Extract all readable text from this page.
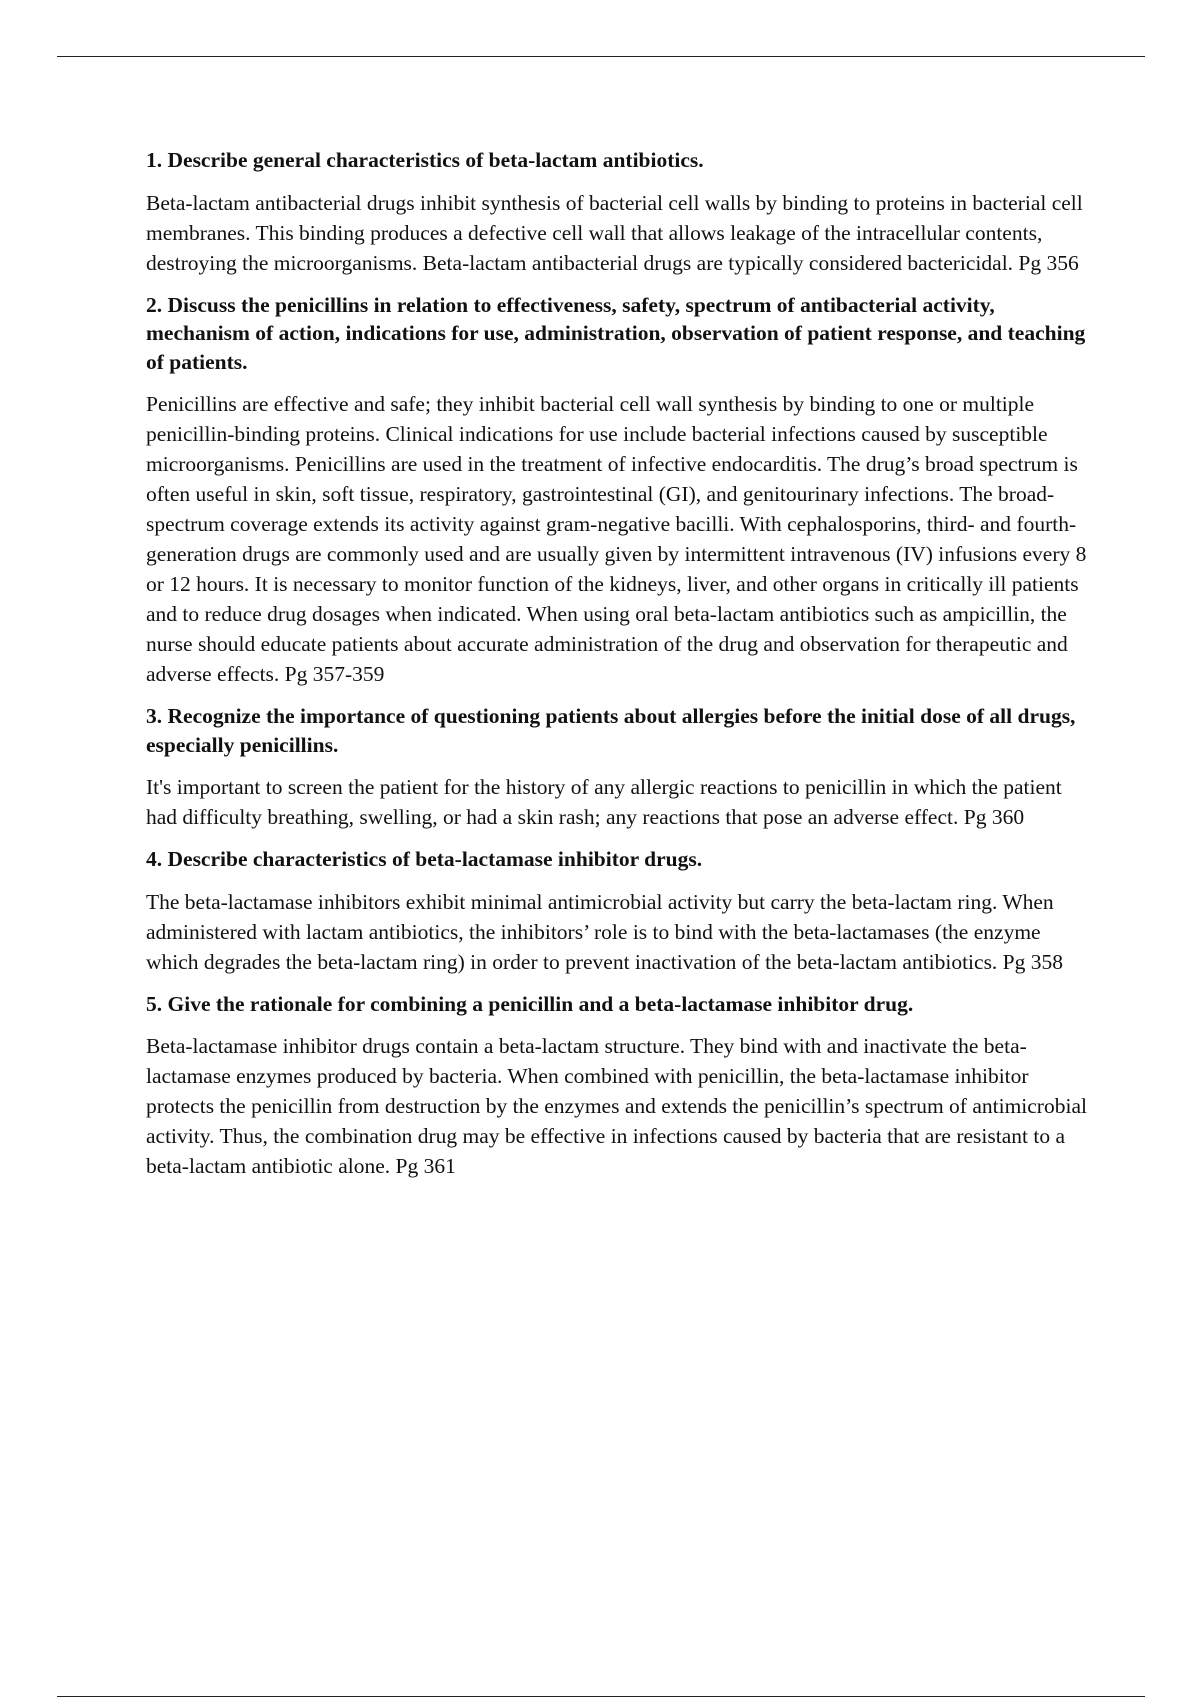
1. Describe general characteristics of beta-lactam antibiotics.

Beta-lactam antibacterial drugs inhibit synthesis of bacterial cell walls by binding to proteins in bacterial cell membranes. This binding produces a defective cell wall that allows leakage of the intracellular contents, destroying the microorganisms. Beta-lactam antibacterial drugs are typically considered bactericidal. Pg 356

2. Discuss the penicillins in relation to effectiveness, safety, spectrum of antibacterial activity, mechanism of action, indications for use, administration, observation of patient response, and teaching of patients.

Penicillins are effective and safe; they inhibit bacterial cell wall synthesis by binding to one or multiple penicillin-binding proteins. Clinical indications for use include bacterial infections caused by susceptible microorganisms. Penicillins are used in the treatment of infective endocarditis. The drug’s broad spectrum is often useful in skin, soft tissue, respiratory, gastrointestinal (GI), and genitourinary infections. The broad-spectrum coverage extends its activity against gram-negative bacilli. With cephalosporins, third- and fourth-generation drugs are commonly used and are usually given by intermittent intravenous (IV) infusions every 8 or 12 hours. It is necessary to monitor function of the kidneys, liver, and other organs in critically ill patients and to reduce drug dosages when indicated. When using oral beta-lactam antibiotics such as ampicillin, the nurse should educate patients about accurate administration of the drug and observation for therapeutic and adverse effects. Pg 357-359

3. Recognize the importance of questioning patients about allergies before the initial dose of all drugs, especially penicillins.

It's important to screen the patient for the history of any allergic reactions to penicillin in which the patient had difficulty breathing, swelling, or had a skin rash; any reactions that pose an adverse effect. Pg 360

4. Describe characteristics of beta-lactamase inhibitor drugs.

The beta-lactamase inhibitors exhibit minimal antimicrobial activity but carry the beta-lactam ring. When administered with lactam antibiotics, the inhibitors’ role is to bind with the beta-lactamases (the enzyme which degrades the beta-lactam ring) in order to prevent inactivation of the beta-lactam antibiotics. Pg 358

5. Give the rationale for combining a penicillin and a beta-lactamase inhibitor drug.

Beta-lactamase inhibitor drugs contain a beta-lactam structure. They bind with and inactivate the beta-lactamase enzymes produced by bacteria. When combined with penicillin, the beta-lactamase inhibitor protects the penicillin from destruction by the enzymes and extends the penicillin’s spectrum of antimicrobial activity. Thus, the combination drug may be effective in infections caused by bacteria that are resistant to a beta-lactam antibiotic alone. Pg 361
